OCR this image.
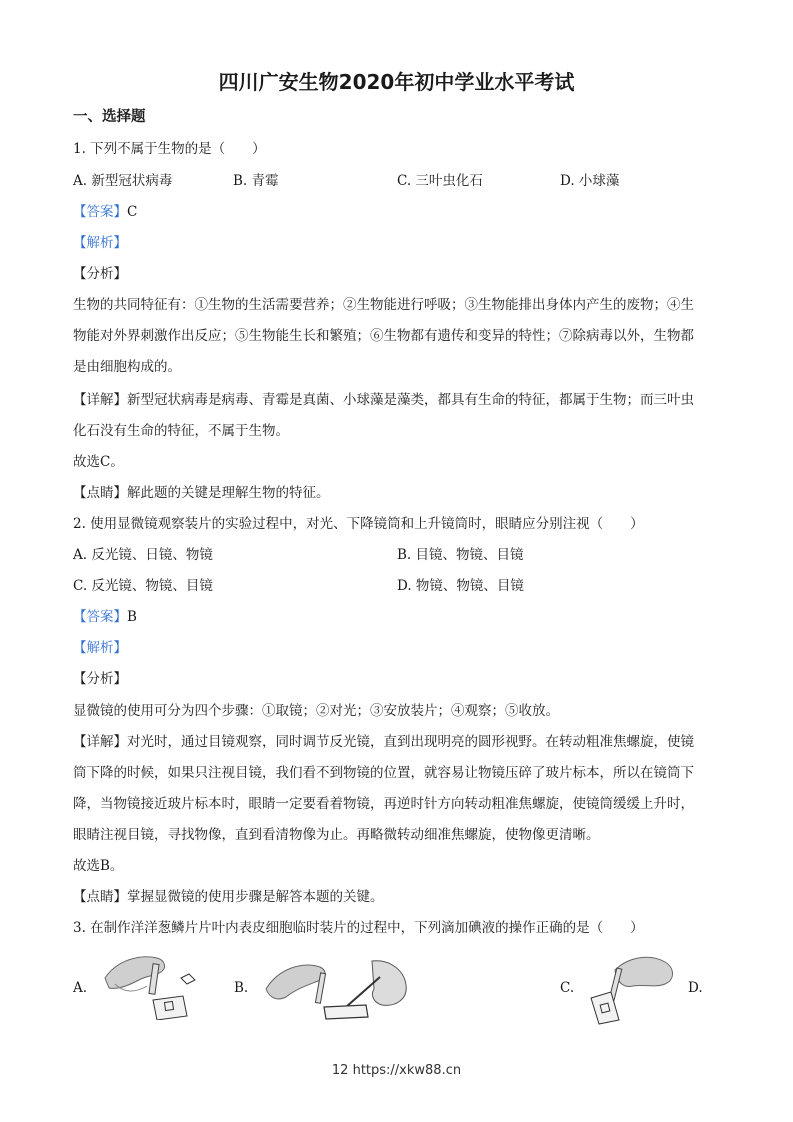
四川广安生物2020年初中学业水平考试
一、选择题
1. 下列不属于生物的是（　　）
A. 新型冠状病毒	B. 青霉	C. 三叶虫化石	D. 小球藻
【答案】C
【解析】
【分析】
生物的共同特征有：①生物的生活需要营养；②生物能进行呼吸；③生物能排出身体内产生的废物；④生
物能对外界刺激作出反应；⑤生物能生长和繁殖；⑥生物都有遗传和变异的特性；⑦除病毒以外，生物都
是由细胞构成的。
【详解】新型冠状病毒是病毒、青霉是真菌、小球藻是藻类，都具有生命的特征，都属于生物；而三叶虫
化石没有生命的特征，不属于生物。
故选C。
【点睛】解此题的关键是理解生物的特征。
2. 使用显微镜观察装片的实验过程中，对光、下降镜筒和上升镜筒时，眼睛应分别注视（　　）
A. 反光镜、日镜、物镜	B. 目镜、物镜、目镜
C. 反光镜、物镜、目镜	D. 物镜、物镜、目镜
【答案】B
【解析】
【分析】
显微镜的使用可分为四个步骤：①取镜；②对光；③安放装片；④观察；⑤收放。
【详解】对光时，通过目镜观察，同时调节反光镜，直到出现明亮的圆形视野。在转动粗准焦螺旋，使镜
筒下降的时候，如果只注视目镜，我们看不到物镜的位置，就容易让物镜压碎了玻片标本，所以在镜筒下
降，当物镜接近玻片标本时，眼睛一定要看着物镜，再逆时针方向转动粗准焦螺旋，使镜筒缓缓上升时，
眼睛注视目镜，寻找物像，直到看清物像为止。再略微转动细准焦螺旋，使物像更清晰。
故选B。
【点睛】掌握显微镜的使用步骤是解答本题的关键。
3. 在制作洋洋葱鳞片片叶内表皮细胞临时装片的过程中，下列滴加碘液的操作正确的是（　　）
A.	B.	C.	D.
12 https://xkw88.cn
